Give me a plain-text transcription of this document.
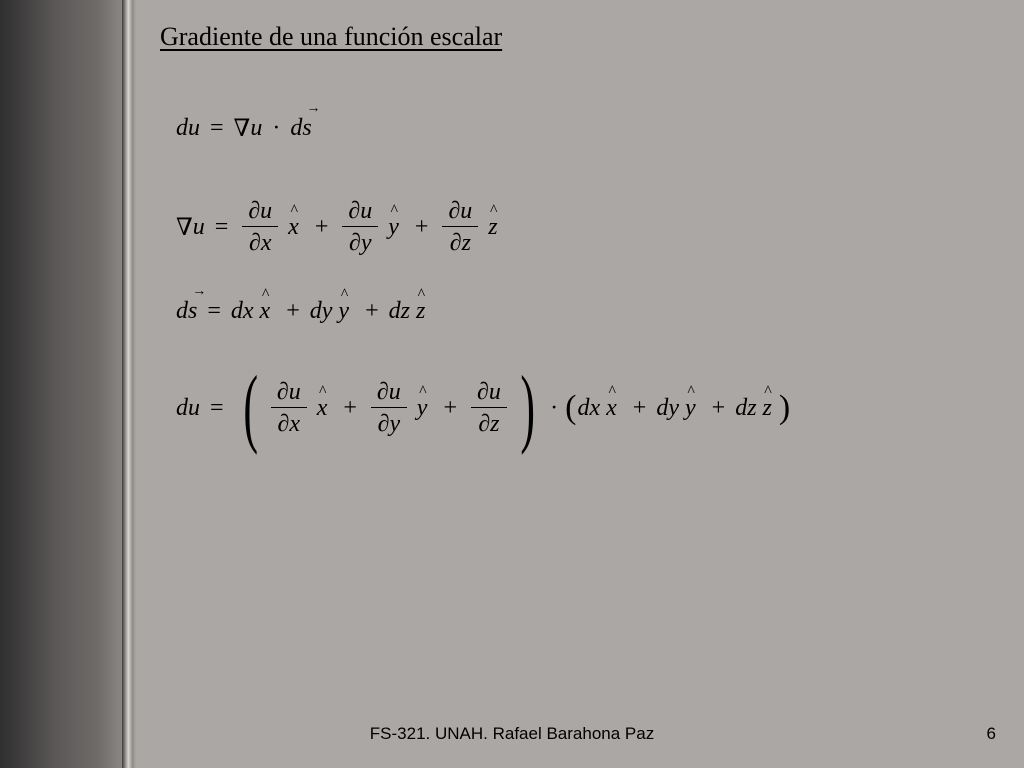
Gradiente de una función escalar
du = ∇ u · d → s
∇ $u = \frac{\partial u}{\partial x}$ ^ $x + \frac{\partial u}{\partial y}$ ^ $y + \frac{\partial u}{\partial z}$ ^ z
d → s = dx ^ x + dy ^ y + dz ^ z
du = ( $\frac{\partial u}{\partial x}$ ^ $x + \frac{\partial u}{\partial y}$ ^ $y + \frac{\partial u}{\partial z}$ ) · ( dx ^ x + dy ^ y + dz ^ z )
FS-321. UNAH. Rafael Barahona Paz	6
